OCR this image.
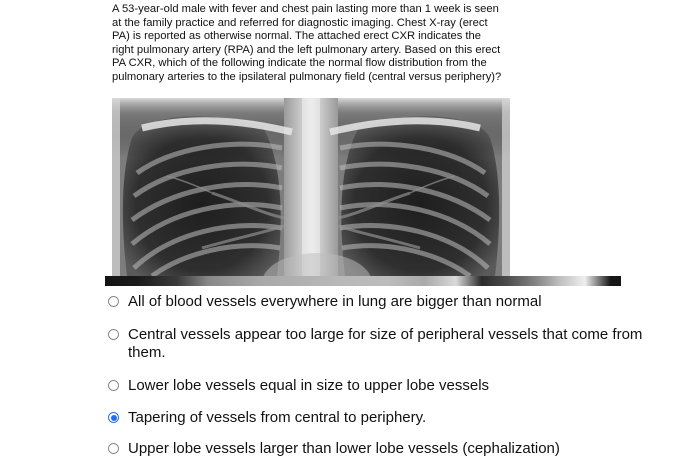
A 53-year-old male with fever and chest pain lasting more than 1 week is seen
at the family practice and referred for diagnostic imaging. Chest X-ray (erect
PA) is reported as otherwise normal. The attached erect CXR indicates the
right pulmonary artery (RPA) and the left pulmonary artery. Based on this erect
PA CXR, which of the following indicate the normal flow distribution from the
pulmonary arteries to the ipsilateral pulmonary field (central versus periphery)?
All of blood vessels everywhere in lung are bigger than normal
Central vessels appear too large for size of peripheral vessels that come from them.
Lower lobe vessels equal in size to upper lobe vessels
Tapering of vessels from central to periphery.
Upper lobe vessels larger than lower lobe vessels (cephalization)
